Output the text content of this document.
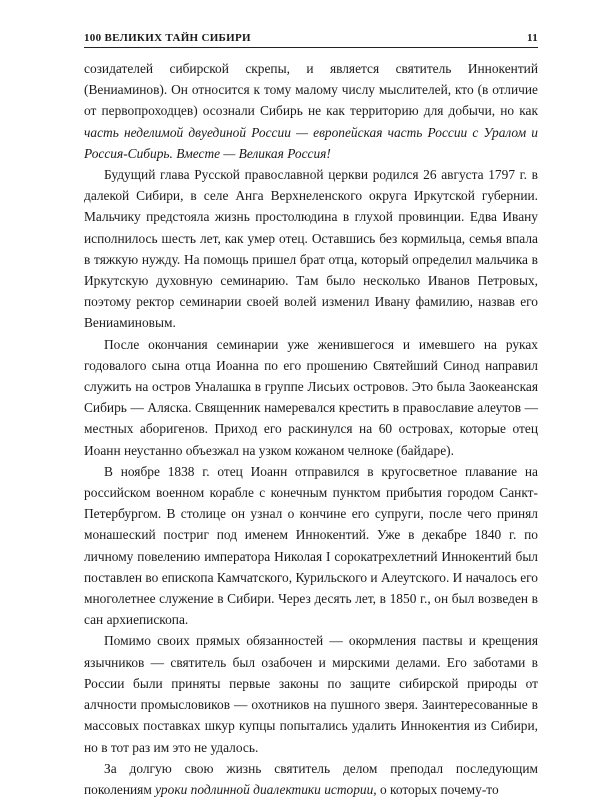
100 ВЕЛИКИХ ТАЙН СИБИРИ	11

созидателей сибирской скрепы, и является святитель Иннокентий (Вениаминов). Он относится к тому малому числу мыслителей, кто (в отличие от первопроходцев) осознали Сибирь не как территорию для добычи, но как часть неделимой двуединой России — европейская часть России с Уралом и Россия-Сибирь. Вместе — Великая Россия!

Будущий глава Русской православной церкви родился 26 августа 1797 г. в далекой Сибири, в селе Анга Верхнеленского округа Иркутской губернии. Мальчику предстояла жизнь простолюдина в глухой провинции. Едва Ивану исполнилось шесть лет, как умер отец. Оставшись без кормильца, семья впала в тяжкую нужду. На помощь пришел брат отца, который определил мальчика в Иркутскую духовную семинарию. Там было несколько Иванов Петровых, поэтому ректор семинарии своей волей изменил Ивану фамилию, назвав его Вениаминовым.

После окончания семинарии уже женившегося и имевшего на руках годовалого сына отца Иоанна по его прошению Святейший Синод направил служить на остров Уналашка в группе Лисьих островов. Это была Заокеанская Сибирь — Аляска. Священник намеревался крестить в православие алеутов — местных аборигенов. Приход его раскинулся на 60 островах, которые отец Иоанн неустанно объезжал на узком кожаном челноке (байдаре).

В ноябре 1838 г. отец Иоанн отправился в кругосветное плавание на российском военном корабле с конечным пунктом прибытия городом Санкт-Петербургом. В столице он узнал о кончине его супруги, после чего принял монашеский постриг под именем Иннокентий. Уже в декабре 1840 г. по личному повелению императора Николая I сорокатрехлетний Иннокентий был поставлен во епископа Камчатского, Курильского и Алеутского. И началось его многолетнее служение в Сибири. Через десять лет, в 1850 г., он был возведен в сан архиепископа.

Помимо своих прямых обязанностей — окормления паствы и крещения язычников — святитель был озабочен и мирскими делами. Его заботами в России были приняты первые законы по защите сибирской природы от алчности промысловиков — охотников на пушного зверя. Заинтересованные в массовых поставках шкур купцы попытались удалить Иннокентия из Сибири, но в тот раз им это не удалось.

За долгую свою жизнь святитель делом преподал последующим поколениям уроки подлинной диалектики истории, о которых почему-то
